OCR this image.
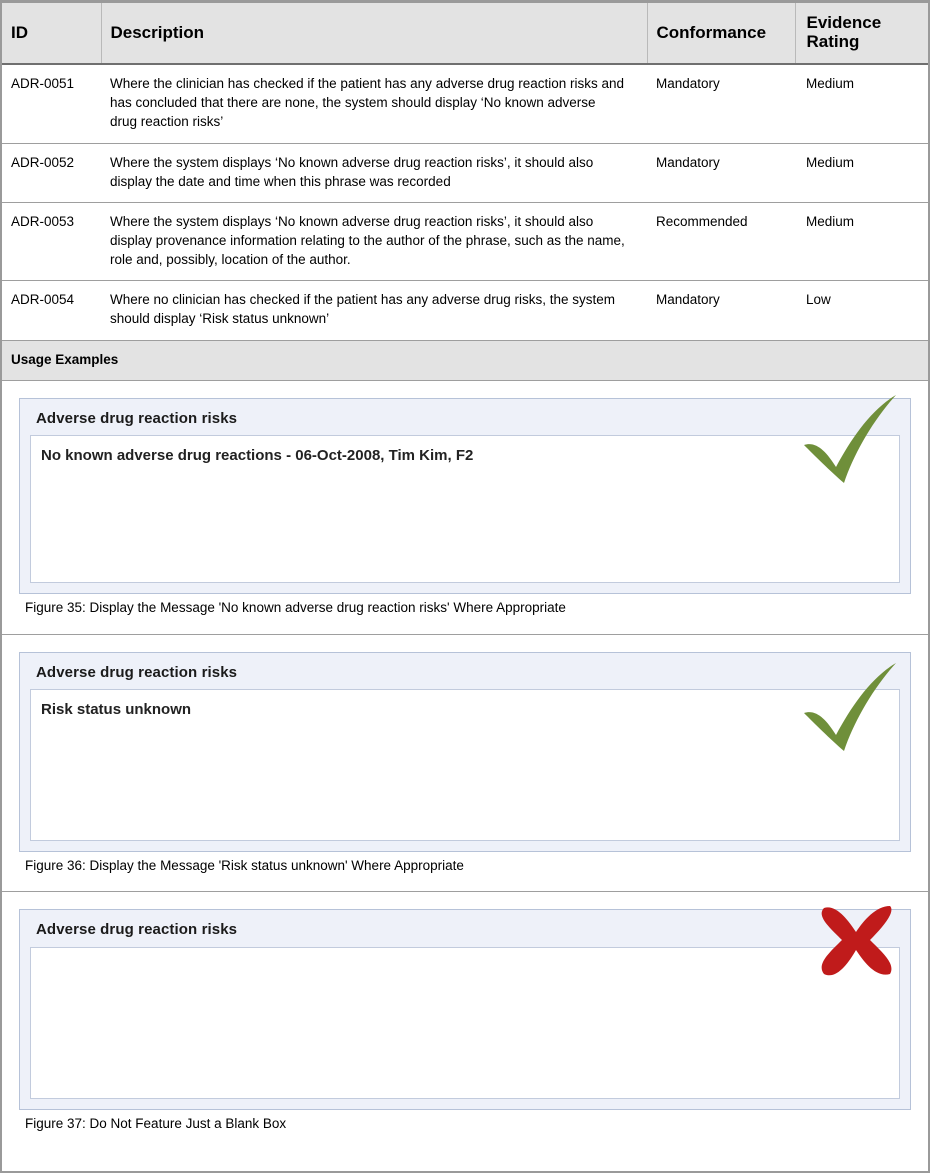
ID	Description	Conformance	Evidence Rating
ADR-0051	Where the clinician has checked if the patient has any adverse drug reaction risks and has concluded that there are none, the system should display ‘No known adverse drug reaction risks’	Mandatory	Medium
ADR-0052	Where the system displays ‘No known adverse drug reaction risks’, it should also display the date and time when this phrase was recorded	Mandatory	Medium
ADR-0053	Where the system displays ‘No known adverse drug reaction risks’, it should also display provenance information relating to the author of the phrase, such as the name, role and, possibly, location of the author.	Recommended	Medium
ADR-0054	Where no clinician has checked if the patient has any adverse drug risks, the system should display ‘Risk status unknown’	Mandatory	Low
Usage Examples			

Adverse drug reaction risks
No known adverse drug reactions - 06-Oct-2008, Tim Kim, F2
Figure 35: Display the Message 'No known adverse drug reaction risks' Where Appropriate			

Adverse drug reaction risks
Risk status unknown
Figure 36: Display the Message 'Risk status unknown' Where Appropriate			

Adverse drug reaction risks
Figure 37: Do Not Feature Just a Blank Box			
